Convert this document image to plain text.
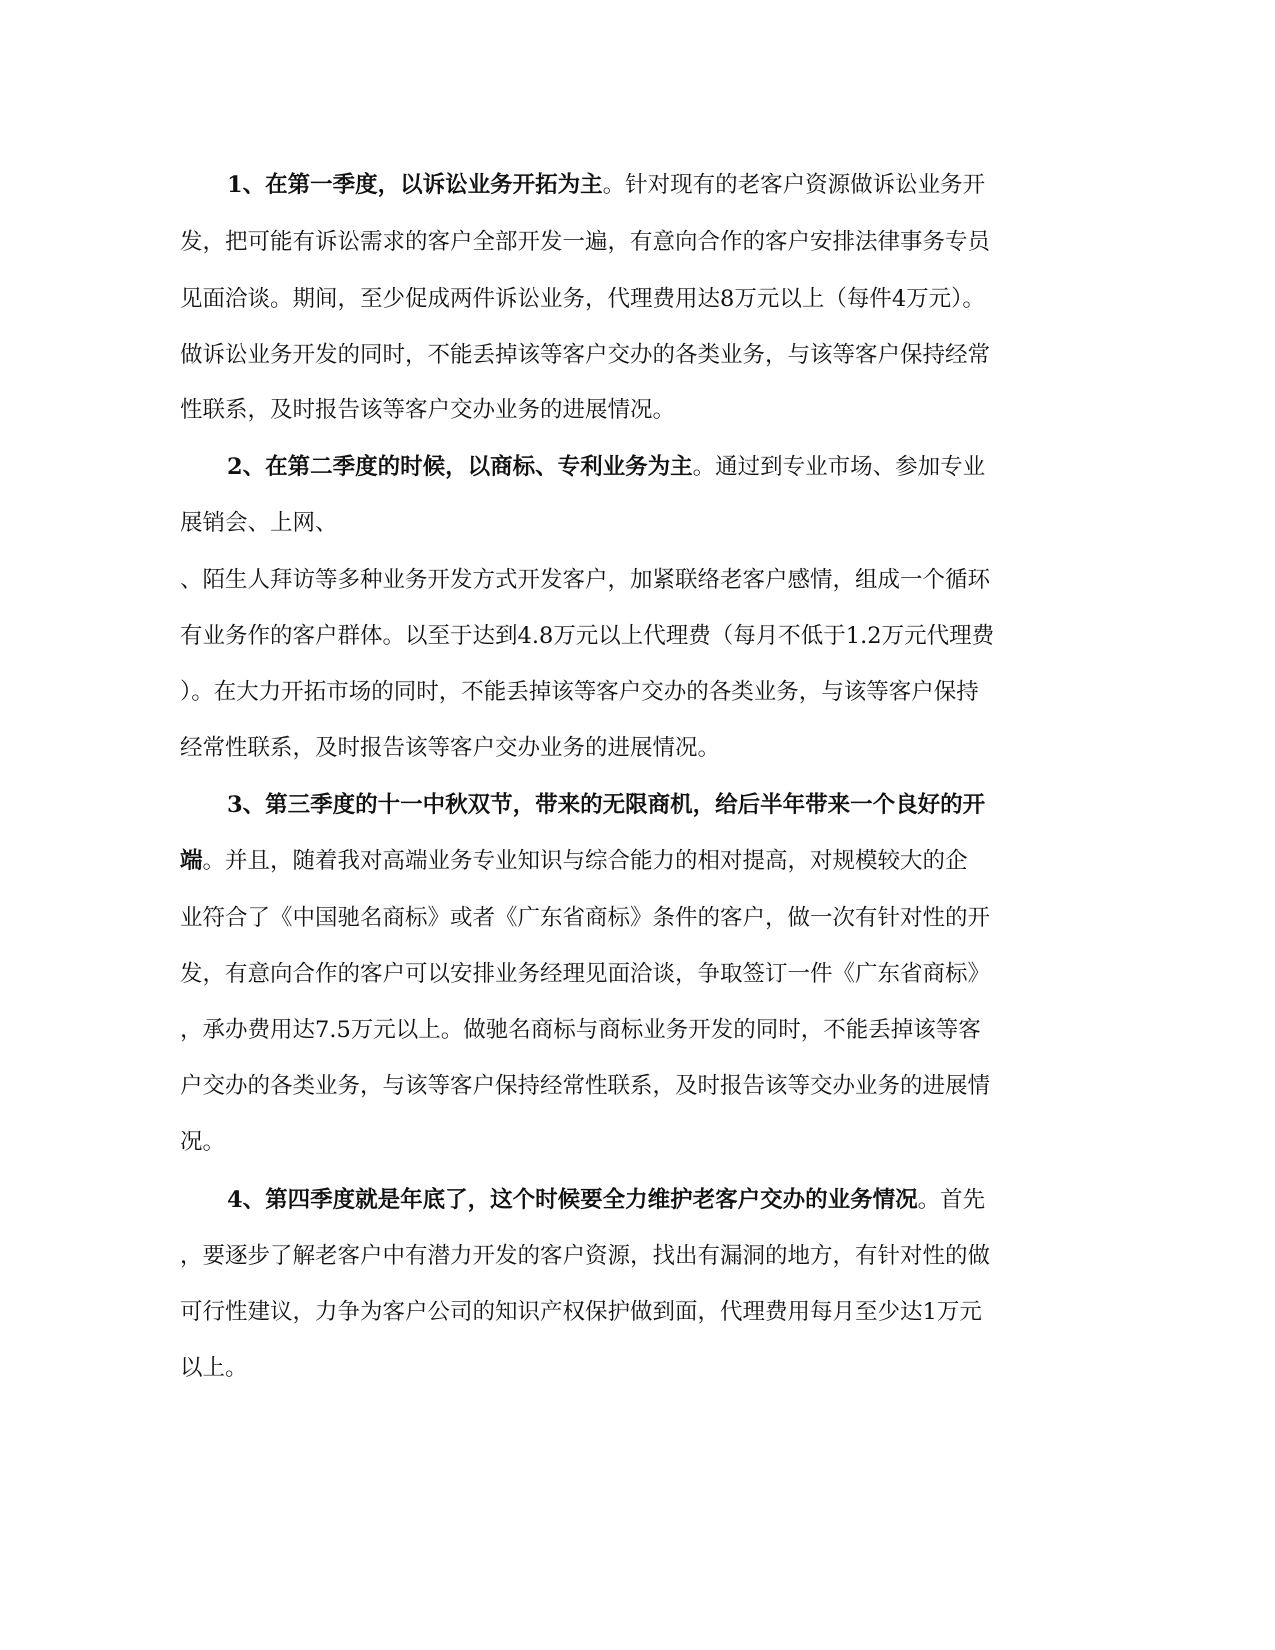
1、在第一季度，以诉讼业务开拓为主。针对现有的老客户资源做诉讼业务开
发，把可能有诉讼需求的客户全部开发一遍，有意向合作的客户安排法律事务专员
见面洽谈。期间，至少促成两件诉讼业务，代理费用达8万元以上（每件4万元）。
做诉讼业务开发的同时，不能丢掉该等客户交办的各类业务，与该等客户保持经常
性联系，及时报告该等客户交办业务的进展情况。
2、在第二季度的时候，以商标、专利业务为主。通过到专业市场、参加专业
展销会、上网、
、陌生人拜访等多种业务开发方式开发客户，加紧联络老客户感情，组成一个循环
有业务作的客户群体。以至于达到4.8万元以上代理费（每月不低于1.2万元代理费
）。在大力开拓市场的同时，不能丢掉该等客户交办的各类业务，与该等客户保持
经常性联系，及时报告该等客户交办业务的进展情况。
3、第三季度的十一中秋双节，带来的无限商机，给后半年带来一个良好的开
端。并且，随着我对高端业务专业知识与综合能力的相对提高，对规模较大的企
业符合了《中国驰名商标》或者《广东省商标》条件的客户，做一次有针对性的开
发，有意向合作的客户可以安排业务经理见面洽谈，争取签订一件《广东省商标》
，承办费用达7.5万元以上。做驰名商标与商标业务开发的同时，不能丢掉该等客
户交办的各类业务，与该等客户保持经常性联系，及时报告该等交办业务的进展情
况。
4、第四季度就是年底了，这个时候要全力维护老客户交办的业务情况。首先
，要逐步了解老客户中有潜力开发的客户资源，找出有漏洞的地方，有针对性的做
可行性建议，力争为客户公司的知识产权保护做到面，代理费用每月至少达1万元
以上。
